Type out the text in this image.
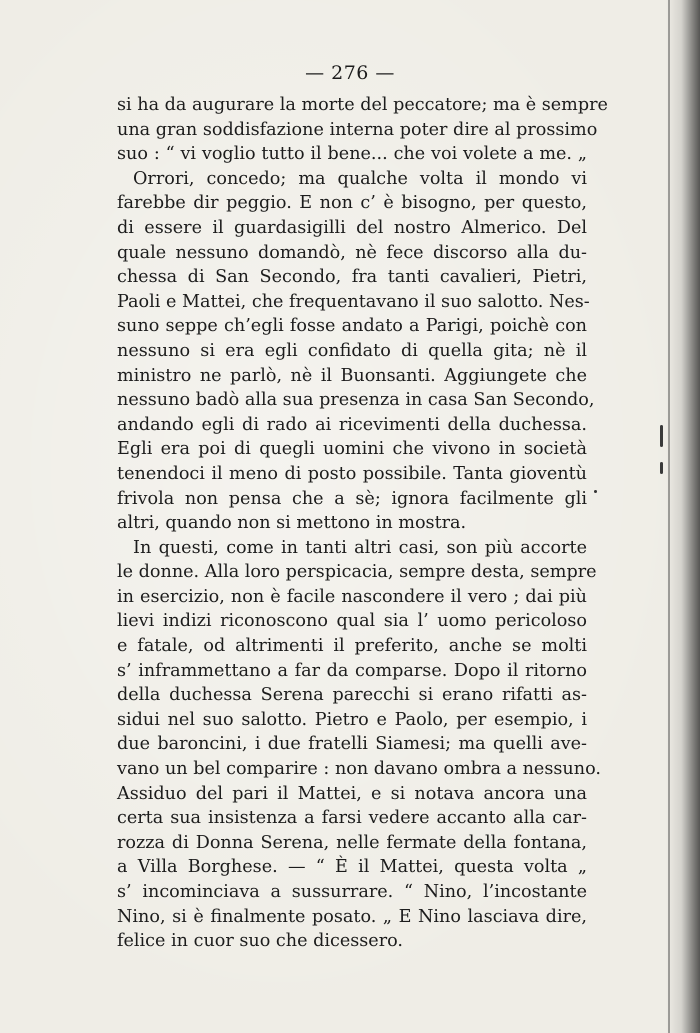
— 276 —
si ha da augurare la morte del peccatore; ma è sempre
una gran soddisfazione interna poter dire al prossimo
suo : “ vi voglio tutto il bene... che voi volete a me. „
Orrori, concedo; ma qualche volta il mondo vi
farebbe dir peggio. E non c’ è bisogno, per questo,
di essere il guardasigilli del nostro Almerico. Del
quale nessuno domandò, nè fece discorso alla du-
chessa di San Secondo, fra tanti cavalieri, Pietri,
Paoli e Mattei, che frequentavano il suo salotto. Nes-
suno seppe ch’egli fosse andato a Parigi, poichè con
nessuno si era egli confidato di quella gita; nè il
ministro ne parlò, nè il Buonsanti. Aggiungete che
nessuno badò alla sua presenza in casa San Secondo,
andando egli di rado ai ricevimenti della duchessa.
Egli era poi di quegli uomini che vivono in società
tenendoci il meno di posto possibile. Tanta gioventù
frivola non pensa che a sè; ignora facilmente gli
altri, quando non si mettono in mostra.
In questi, come in tanti altri casi, son più accorte
le donne. Alla loro perspicacia, sempre desta, sempre
in esercizio, non è facile nascondere il vero ; dai più
lievi indizi riconoscono qual sia l’ uomo pericoloso
e fatale, od altrimenti il preferito, anche se molti
s’ inframmettano a far da comparse. Dopo il ritorno
della duchessa Serena parecchi si erano rifatti as-
sidui nel suo salotto. Pietro e Paolo, per esempio, i
due baroncini, i due fratelli Siamesi; ma quelli ave-
vano un bel comparire : non davano ombra a nessuno.
Assiduo del pari il Mattei, e si notava ancora una
certa sua insistenza a farsi vedere accanto alla car-
rozza di Donna Serena, nelle fermate della fontana,
a Villa Borghese. — “ È il Mattei, questa volta „
s’ incominciava a sussurrare. “ Nino, l’incostante
Nino, si è finalmente posato. „ E Nino lasciava dire,
felice in cuor suo che dicessero.
